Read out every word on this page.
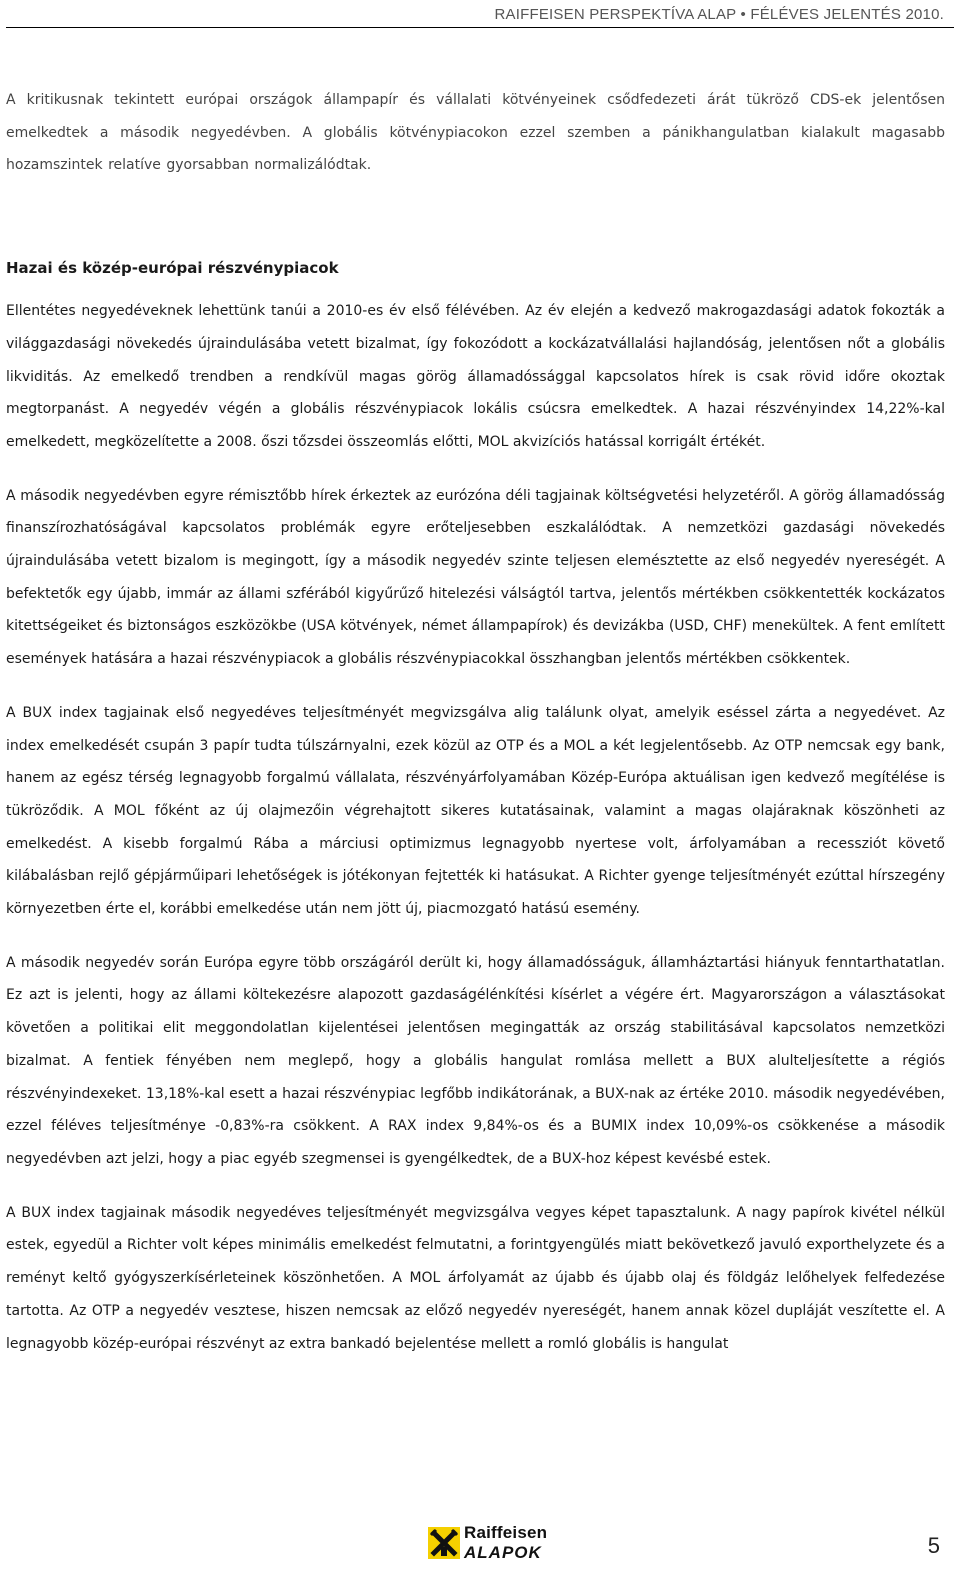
RAIFFEISEN PERSPEKTÍVA ALAP • FÉLÉVES JELENTÉS 2010.

A kritikusnak tekintett európai országok állampapír és vállalati kötvényeinek csődfedezeti árát tükröző CDS-ek jelentősen emelkedtek a második negyedévben. A globális kötvénypiacokon ezzel szemben a pánikhangulatban kialakult magasabb hozamszintek relatíve gyorsabban normalizálódtak.

Hazai és közép-európai részvénypiacok

Ellentétes negyedéveknek lehettünk tanúi a 2010-es év első félévében. Az év elején a kedvező makrogazdasági adatok fokozták a világgazdasági növekedés újraindulásába vetett bizalmat, így fokozódott a kockázatvállalási hajlandóság, jelentősen nőt a globális likviditás. Az emelkedő trendben a rendkívül magas görög államadóssággal kapcsolatos hírek is csak rövid időre okoztak megtorpanást. A negyedév végén a globális részvénypiacok lokális csúcsra emelkedtek. A hazai részvényindex 14,22%-kal emelkedett, megközelítette a 2008. őszi tőzsdei összeomlás előtti, MOL akvizíciós hatással korrigált értékét.

A második negyedévben egyre rémisztőbb hírek érkeztek az eurózóna déli tagjainak költségvetési helyzetéről. A görög államadósság finanszírozhatóságával kapcsolatos problémák egyre erőteljesebben eszkalálódtak. A nemzetközi gazdasági növekedés újraindulásába vetett bizalom is megingott, így a második negyedév szinte teljesen elemésztette az első negyedév nyereségét. A befektetők egy újabb, immár az állami szférából kigyűrűző hitelezési válságtól tartva, jelentős mértékben csökkentették kockázatos kitettségeiket és biztonságos eszközökbe (USA kötvények, német állampapírok) és devizákba (USD, CHF) menekültek. A fent említett események hatására a hazai részvénypiacok a globális részvénypiacokkal összhangban jelentős mértékben csökkentek.

A BUX index tagjainak első negyedéves teljesítményét megvizsgálva alig találunk olyat, amelyik eséssel zárta a negyedévet. Az index emelkedését csupán 3 papír tudta túlszárnyalni, ezek közül az OTP és a MOL a két legjelentősebb. Az OTP nemcsak egy bank, hanem az egész térség legnagyobb forgalmú vállalata, részvényárfolyamában Közép-Európa aktuálisan igen kedvező megítélése is tükröződik. A MOL főként az új olajmezőin végrehajtott sikeres kutatásainak, valamint a magas olajáraknak köszönheti az emelkedést. A kisebb forgalmú Rába a márciusi optimizmus legnagyobb nyertese volt, árfolyamában a recessziót követő kilábalásban rejlő gépjárműipari lehetőségek is jótékonyan fejtették ki hatásukat. A Richter gyenge teljesítményét ezúttal hírszegény környezetben érte el, korábbi emelkedése után nem jött új, piacmozgató hatású esemény.

A második negyedév során Európa egyre több országáról derült ki, hogy államadósságuk, államháztartási hiányuk fenntarthatatlan. Ez azt is jelenti, hogy az állami költekezésre alapozott gazdaságélénkítési kísérlet a végére ért. Magyarországon a választásokat követően a politikai elit meggondolatlan kijelentései jelentősen megingatták az ország stabilitásával kapcsolatos nemzetközi bizalmat. A fentiek fényében nem meglepő, hogy a globális hangulat romlása mellett a BUX alulteljesítette a régiós részvényindexeket. 13,18%-kal esett a hazai részvénypiac legfőbb indikátorának, a BUX-nak az értéke 2010. második negyedévében, ezzel féléves teljesítménye -0,83%-ra csökkent. A RAX index 9,84%-os és a BUMIX index 10,09%-os csökkenése a második negyedévben azt jelzi, hogy a piac egyéb szegmensei is gyengélkedtek, de a BUX-hoz képest kevésbé estek.

A BUX index tagjainak második negyedéves teljesítményét megvizsgálva vegyes képet tapasztalunk. A nagy papírok kivétel nélkül estek, egyedül a Richter volt képes minimális emelkedést felmutatni, a forintgyengülés miatt bekövetkező javuló exporthelyzete és a reményt keltő gyógyszerkísérleteinek köszönhetően. A MOL árfolyamát az újabb és újabb olaj és földgáz lelőhelyek felfedezése tartotta. Az OTP a negyedév vesztese, hiszen nemcsak az előző negyedév nyereségét, hanem annak közel dupláját veszítette el. A legnagyobb közép-európai részvényt az extra bankadó bejelentése mellett a romló globális is hangulat

Raiffeisen
ALAPOK	5
